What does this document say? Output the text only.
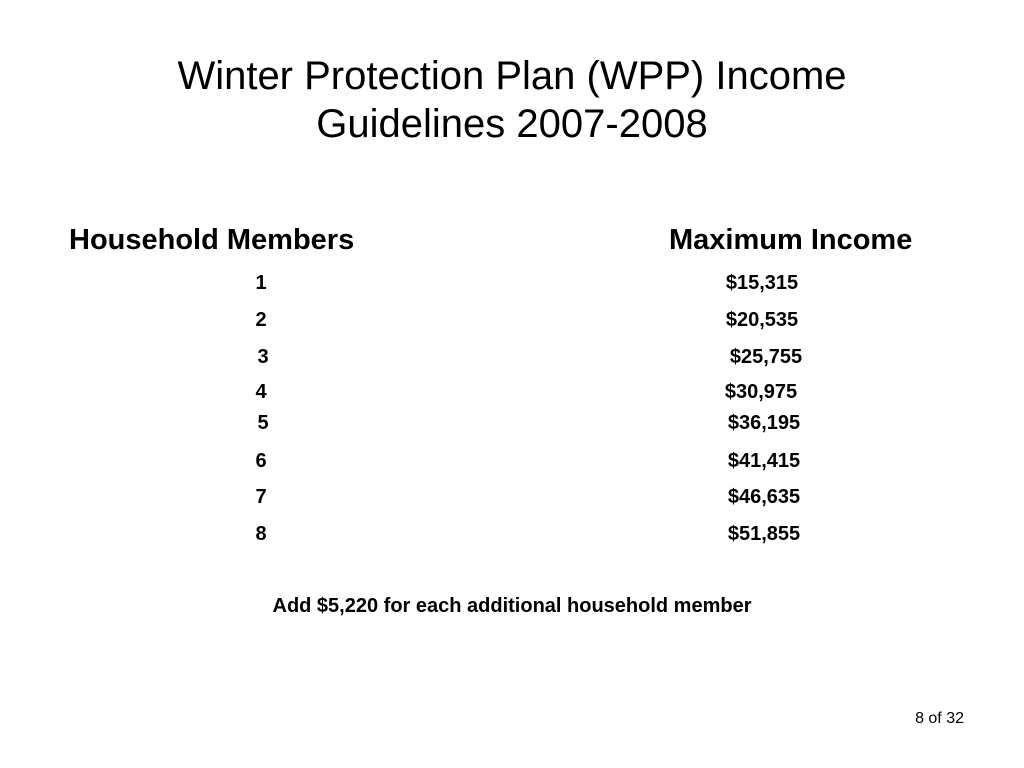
Winter Protection Plan (WPP) Income
Guidelines 2007-2008
Household Members	Maximum Income
1	$15,315
2	$20,535
3	$25,755
4	$30,975
5	$36,195
6	$41,415
7	$46,635
8	$51,855
Add $5,220 for each additional household member
8 of 32
